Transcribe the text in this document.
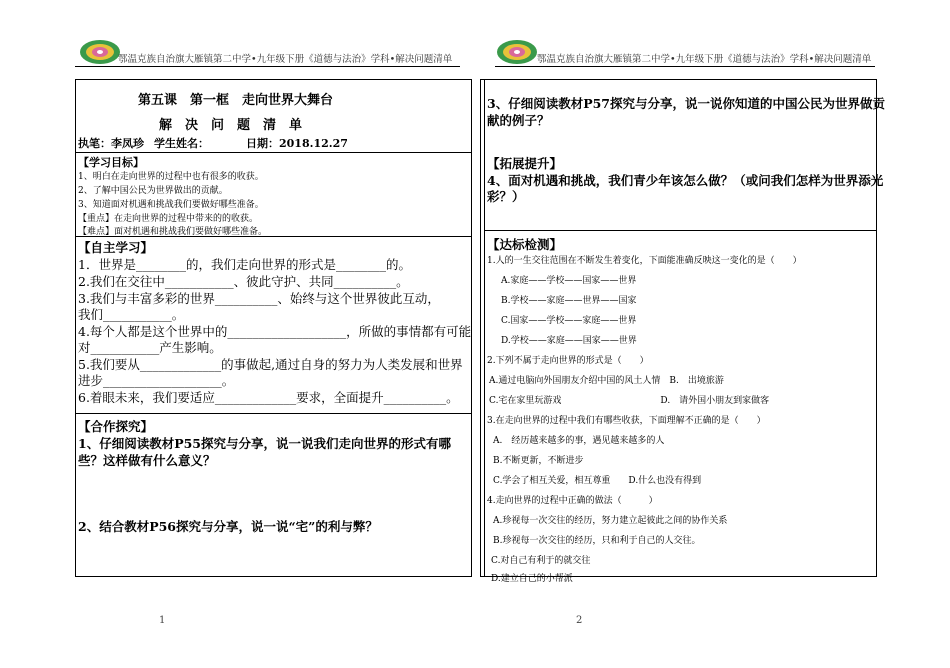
鄂温克族自治旗大雁镇第二中学•九年级下册《道德与法治》学科•解决问题清单	鄂温克族自治旗大雁镇第二中学•九年级下册《道德与法治》学科•解决问题清单
第五课　第一框　走向世界大舞台
解　决　问　题　清　单
执笔：李凤珍 学生姓名：	日期：2018.12.27
【学习目标】
1、明白在走向世界的过程中也有很多的收获。
2、了解中国公民为世界做出的贡献。
3、知道面对机遇和挑战我们要做好哪些准备。
【重点】在走向世界的过程中带来的的收获。
【难点】面对机遇和挑战我们要做好哪些准备。
【自主学习】
1．世界是________的，我们走向世界的形式是________的。
2.我们在交往中___________、彼此守护、共同__________。
3.我们与丰富多彩的世界__________、始终与这个世界彼此互动，
我们___________。
4.每个人都是这个世界中的___________________，所做的事情都有可能
对___________产生影响。
5.我们要从_____________的事做起,通过自身的努力为人类发展和世界
进步___________________。
6.着眼未来，我们要适应_____________要求，全面提升__________。
【合作探究】
1、仔细阅读教材P55探究与分享，说一说我们走向世界的形式有哪
些？这样做有什么意义？
2、结合教材P56探究与分享，说一说“宅”的利与弊？
3、仔细阅读教材P57探究与分享，说一说你知道的中国公民为世界做贡
献的例子？
【拓展提升】
4、面对机遇和挑战，我们青少年该怎么做？（或问我们怎样为世界添光
彩？）
【达标检测】
1.人的一生交往范围在不断发生着变化，下面能准确反映这一变化的是（　　）
A.家庭——学校——国家——世界
B.学校——家庭——世界——国家
C.国家——学校——家庭——世界
D.学校——家庭——国家——世界
2.下列不属于走向世界的形式是（　　）
A.通过电脑向外国朋友介绍中国的风土人情　B.　出境旅游
C.宅在家里玩游戏　　　　　　　　　　　D.　请外国小朋友到家做客
3.在走向世界的过程中我们有哪些收获，下面理解不正确的是（　　）
A.　经历越来越多的事，遇见越来越多的人
B.不断更新，不断进步
C.学会了相互关爱，相互尊重　　D.什么也没有得到
4.走向世界的过程中正确的做法（　　　）
A.珍视每一次交往的经历，努力建立起彼此之间的协作关系
B.珍视每一次交往的经历，只和利于自己的人交往。
C.对自己有利于的就交往
D.建立自己的小帮派
1	2
